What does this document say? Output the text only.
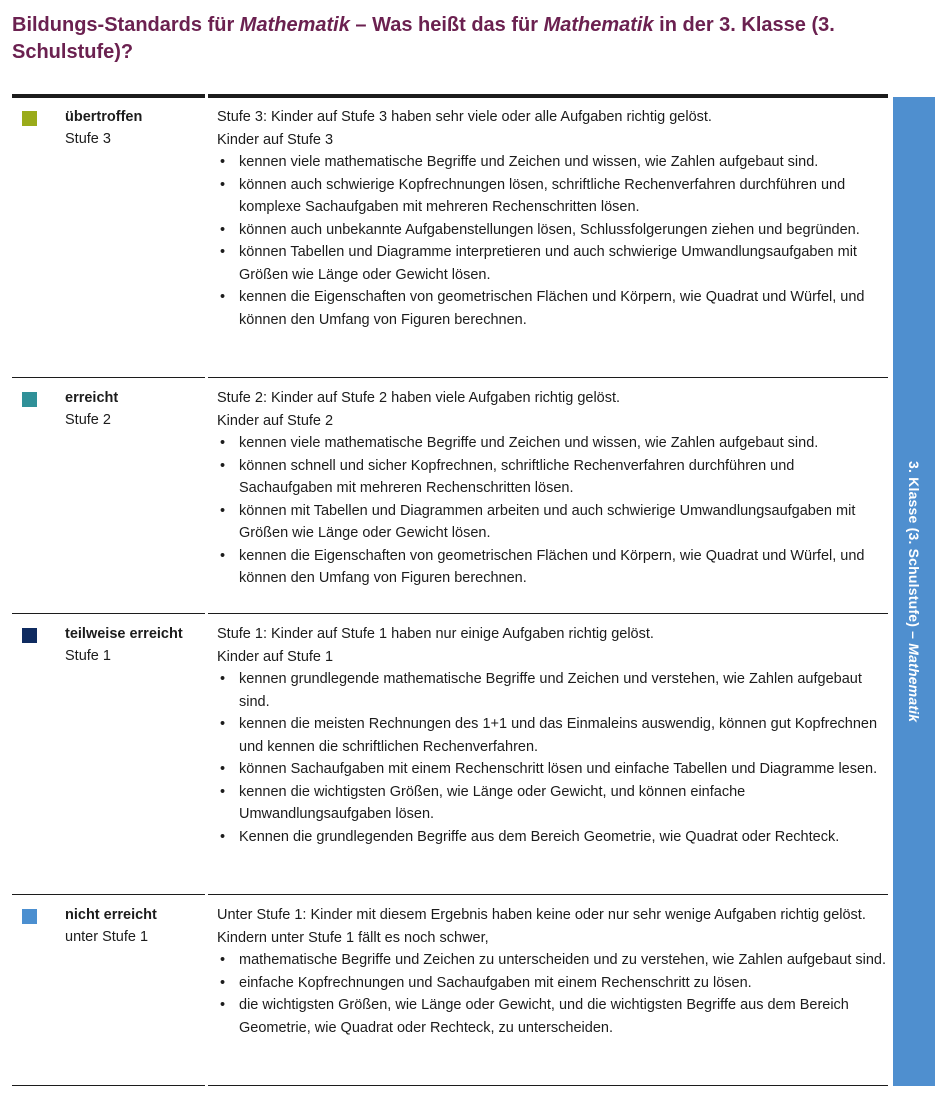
Bildungs-Standards für Mathematik – Was heißt das für Mathematik in der 3. Klasse (3. Schulstufe)?
3. Klasse (3. Schulstufe) – Mathematik
übertroffen
Stufe 3

Stufe 3: Kinder auf Stufe 3 haben sehr viele oder alle Aufgaben richtig gelöst.

Kinder auf Stufe 3

• kennen viele mathematische Begriffe und Zeichen und wissen, wie Zahlen aufgebaut sind.
• können auch schwierige Kopfrechnungen lösen, schriftliche Rechenverfahren durchführen und komplexe Sachaufgaben mit mehreren Rechenschritten lösen.
• können auch unbekannte Aufgabenstellungen lösen, Schlussfolgerungen ziehen und begründen.
• können Tabellen und Diagramme interpretieren und auch schwierige Umwandlungsaufgaben mit Größen wie Länge oder Gewicht lösen.
• kennen die Eigenschaften von geometrischen Flächen und Körpern, wie Quadrat und Würfel, und können den Umfang von Figuren berechnen.
erreicht
Stufe 2

Stufe 2: Kinder auf Stufe 2 haben viele Aufgaben richtig gelöst.

Kinder auf Stufe 2

• kennen viele mathematische Begriffe und Zeichen und wissen, wie Zahlen aufgebaut sind.
• können schnell und sicher Kopfrechnen, schriftliche Rechenverfahren durchführen und Sachaufgaben mit mehreren Rechenschritten lösen.
• können mit Tabellen und Diagrammen arbeiten und auch schwierige Umwandlungsaufgaben mit Größen wie Länge oder Gewicht lösen.
• kennen die Eigenschaften von geometrischen Flächen und Körpern, wie Quadrat und Würfel, und können den Umfang von Figuren berechnen.
teilweise erreicht
Stufe 1

Stufe 1: Kinder auf Stufe 1 haben nur einige Aufgaben richtig gelöst.

Kinder auf Stufe 1

• kennen grundlegende mathematische Begriffe und Zeichen und verstehen, wie Zahlen aufgebaut sind.
• kennen die meisten Rechnungen des 1+1 und das Einmaleins auswendig, können gut Kopfrechnen und kennen die schriftlichen Rechenverfahren.
• können Sachaufgaben mit einem Rechenschritt lösen und einfache Tabellen und Diagramme lesen.
• kennen die wichtigsten Größen, wie Länge oder Gewicht, und können einfache Umwandlungsaufgaben lösen.
• Kennen die grundlegenden Begriffe aus dem Bereich Geometrie, wie Quadrat oder Rechteck.
nicht erreicht
unter Stufe 1

Unter Stufe 1: Kinder mit diesem Ergebnis haben keine oder nur sehr wenige Aufgaben richtig gelöst.

Kindern unter Stufe 1 fällt es noch schwer,

• mathematische Begriffe und Zeichen zu unterscheiden und zu verstehen, wie Zahlen aufgebaut sind.
• einfache Kopfrechnungen und Sachaufgaben mit einem Rechenschritt zu lösen.
• die wichtigsten Größen, wie Länge oder Gewicht, und die wichtigsten Begriffe aus dem Bereich Geometrie, wie Quadrat oder Rechteck, zu unterscheiden.
